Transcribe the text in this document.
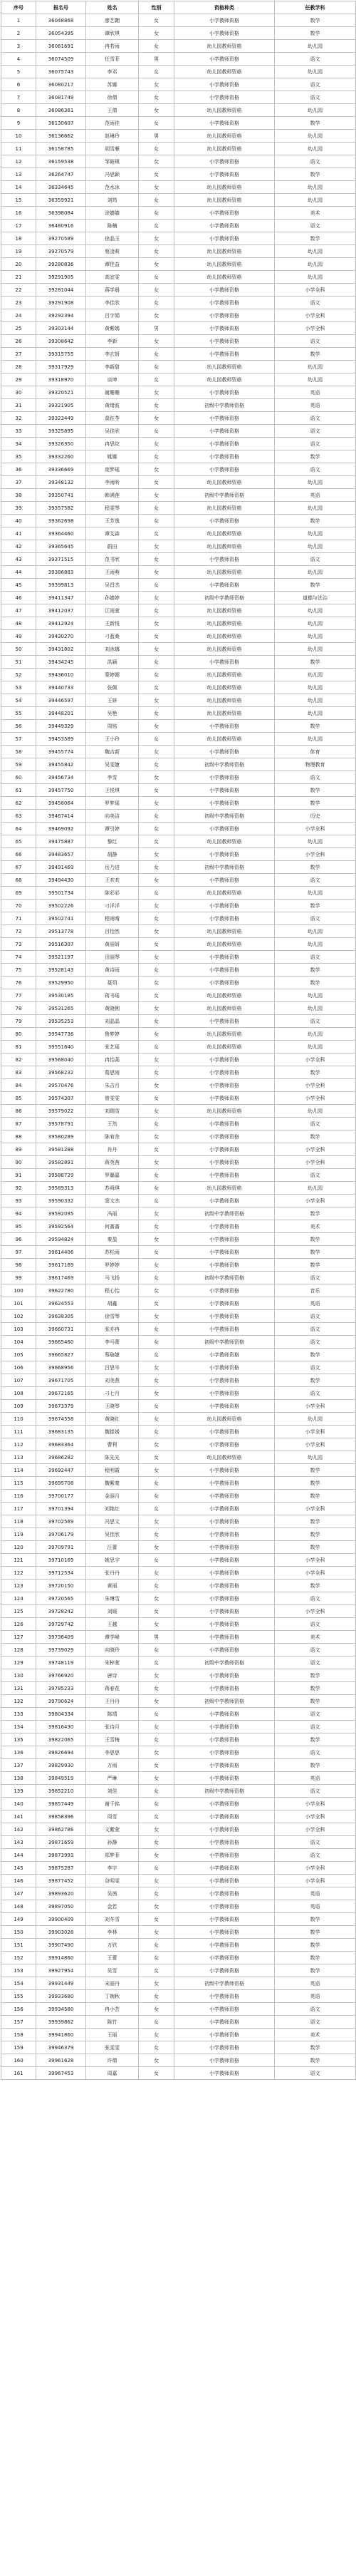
序号	报名号	姓名	性别	资格种类	任教学科
1	36048868	廖艺翾	女	小学教师资格	数学
2	36054395	谭欣琪	女	小学教师资格	数学
3	36061691	冉若雨	女	幼儿园教师资格	幼儿园
4	36074509	任雪菲	男	小学教师资格	语文
5	36075743	李邓	女	幼儿园教师资格	幼儿园
6	36080217	苏娜	女	小学教师资格	语文
7	36081749	徐倩	女	小学教师资格	语文
8	36086361	王倩	女	幼儿园教师资格	幼儿园
9	36130607	范雨佳	女	小学教师资格	数学
10	36136662	赵琳玲	男	幼儿园教师资格	幼儿园
11	36158785	胡雪雁	女	幼儿园教师资格	幼儿园
12	36159538	邹筱瑛	女	小学教师资格	语文
13	36264747	冯思颖	女	小学教师资格	数学
14	36334645	范水冰	女	幼儿园教师资格	幼儿园
15	36359921	刘筠	女	幼儿园教师资格	幼儿园
16	36398084	涂嫱嫱	女	小学教师资格	美术
17	36480916	陈楠	女	小学教师资格	语文
18	39270589	徐晶玉	女	小学教师资格	数学
19	39270579	蔡凌莉	女	幼儿园教师资格	幼儿园
20	39280836	谭佳益	女	幼儿园教师资格	幼儿园
21	39291905	高宜雯	女	幼儿园教师资格	幼儿园
22	39281044	蒋学晨	女	小学教师资格	小学全科
23	39291908	李佳欣	女	小学教师资格	语文
24	39292394	吕宇娟	女	小学教师资格	小学全科
25	39303144	黄紫嫣	男	小学教师资格	小学全科
26	39308642	李新	女	小学教师资格	语文
27	39315755	李玄妍	女	小学教师资格	数学
28	39317929	李新甜	女	幼儿园教师资格	幼儿园
29	39318970	谈坤	女	幼儿园教师资格	幼儿园
30	39320521	谢珊珊	女	小学教师资格	英语
31	39321905	黄绪波	女	初级中学教师资格	英语
32	39323449	莫钰苓	女	小学教师资格	语文
33	39325895	吴佳欣	女	小学教师资格	语文
34	39326350	冉思纹	女	小学教师资格	语文
35	39332260	姚娜	女	小学教师资格	数学
36	39336669	庞梦瑶	女	小学教师资格	语文
37	39348132	李雨昕	女	幼儿园教师资格	幼儿园
38	39350741	韩满莲	女	初级中学教师资格	英语
39	39357582	程雯琴	女	幼儿园教师资格	幼儿园
40	39362698	王芳逸	女	小学教师资格	数学
41	39364460	谭艾森	女	幼儿园教师资格	幼儿园
42	39365645	蔚田	女	幼儿园教师资格	幼儿园
43	39371515	范书欣	女	小学教师资格	语文
44	39386883	王雨萌	女	幼儿园教师资格	幼儿园
45	39399813	吴昌杰	女	小学教师资格	数学
46	39411347	孙嫱婷	女	初级中学教师资格	道德与法治
47	39412037	江雨萱	女	幼儿园教师资格	幼儿园
48	39412924	王新悦	女	幼儿园教师资格	幼儿园
49	39430270	刁蓝桑	女	幼儿园教师资格	幼儿园
50	39431802	刘冰娜	女	幼儿园教师资格	幼儿园
51	39434245	洪颖	女	小学教师资格	数学
52	39436010	蒙婷媚	女	幼儿园教师资格	幼儿园
53	39440733	张佩	女	幼儿园教师资格	幼儿园
54	39446597	王妍	女	幼儿园教师资格	幼儿园
55	39448201	吴艳	女	幼儿园教师资格	幼儿园
56	39449329	周铭	女	小学教师资格	数学
57	39453589	王小玲	女	幼儿园教师资格	幼儿园
58	39455774	魏吉新	女	小学教师资格	体育
59	39455842	吴雯婕	女	初级中学教师资格	物理教育
60	39456734	李雪	女	小学教师资格	语文
61	39457750	王悦琪	女	小学教师资格	数学
62	39458064	罗梦瑶	女	小学教师资格	数学
63	39467414	向美洁	女	初级中学教师资格	历史
64	39469092	谭引婷	女	小学教师资格	小学全科
65	39475887	黎红	女	幼儿园教师资格	幼儿园
66	39483657	胡静	女	小学教师资格	小学全科
67	39491469	岳乃进	女	初级中学教师资格	数学
68	39494430	王欢欢	女	小学教师资格	语文
69	39501734	陈彩彩	女	幼儿园教师资格	幼儿园
70	39502226	刁洋洋	女	小学教师资格	数学
71	39502741	程雨晴	女	小学教师资格	语文
72	39513778	吕怡然	女	幼儿园教师资格	幼儿园
73	39516307	黄丽妍	女	幼儿园教师资格	幼儿园
74	39521197	田丽琴	女	小学教师资格	语文
75	39528143	黄诗雨	女	小学教师资格	数学
76	39529950	聂玥	女	小学教师资格	数学
77	39530185	蒋书瑶	女	幼儿园教师资格	幼儿园
78	39531265	黄晓俐	女	幼儿园教师资格	幼儿园
79	39535253	刘晶晶	女	小学教师资格	语文
80	39547736	鲁梦婷	女	幼儿园教师资格	幼儿园
81	39551640	张艺瑶	女	幼儿园教师资格	幼儿园
82	39568040	冉怡菡	女	小学教师资格	小学全科
83	39568232	葛思雨	女	小学教师资格	数学
84	39570476	朱吉月	女	小学教师资格	小学全科
85	39574307	曾雯雯	女	小学教师资格	小学全科
86	39579022	刘瑞雪	女	幼儿园教师资格	幼儿园
87	39578791	王然	女	小学教师资格	语文
88	39580289	陈宥余	女	小学教师资格	数学
89	39581288	肖丹	女	小学教师资格	小学全科
90	39582891	蒋英茜	女	小学教师资格	小学全科
91	39588729	罗璐嘉	女	小学教师资格	语文
92	39589313	苏舜琪	女	幼儿园教师资格	幼儿园
93	39590332	窦文杰	女	小学教师资格	小学全科
94	39592095	冯丽	女	初级中学教师资格	数学
95	39592564	何蔷蔷	女	小学教师资格	美术
96	39594824	秦盈	女	小学教师资格	数学
97	39614406	苏松雨	女	小学教师资格	数学
98	39617169	罗婷婷	女	小学教师资格	数学
99	39617469	马飞扬	女	初级中学教师资格	语文
100	39622780	程心怡	女	小学教师资格	音乐
101	39624553	胡鑫	女	小学教师资格	英语
102	39638305	徐雪琴	女	小学教师资格	语文
103	39660731	张亦冉	女	小学教师资格	语文
104	39665460	李马蕾	女	初级中学教师资格	语文
105	39665827	蔡瑜婕	女	小学教师资格	数学
106	39668956	吕思岑	女	小学教师资格	语文
107	39671705	刘美燕	女	小学教师资格	数学
108	39672165	刁七月	女	小学教师资格	语文
109	39673379	王晓琴	女	小学教师资格	小学全科
110	39674558	黄晓红	女	幼儿园教师资格	幼儿园
111	39683135	魏崔媛	女	小学教师资格	小学全科
112	39683364	曹利	女	小学教师资格	小学全科
113	39686282	陈先先	女	幼儿园教师资格	幼儿园
114	39692447	程明霞	女	小学教师资格	数学
115	39695708	魏紫豪	女	小学教师资格	数学
116	39700177	金丽月	女	小学教师资格	数学
117	39701394	刘艳红	女	小学教师资格	小学全科
118	39702569	冯思文	女	小学教师资格	数学
119	39706179	吴佳欣	女	小学教师资格	数学
120	39709791	汪蕾	女	小学教师资格	数学
121	39710169	姚思宇	女	小学教师资格	小学全科
122	39712534	张丹丹	女	小学教师资格	小学全科
123	39720150	黄丽	女	小学教师资格	数学
124	39720565	朱琳雪	女	小学教师资格	语文
125	39728242	刘媛	女	小学教师资格	小学全科
126	39729742	王越	女	小学教师资格	语文
127	39736409	谭学峰	男	小学教师资格	美术
128	39739029	向晓玲	女	小学教师资格	语文
129	39748119	朱梓萱	女	初级中学教师资格	语文
130	39766920	唐诗	女	小学教师资格	数学
131	39785233	蒋春花	女	小学教师资格	数学
132	39790624	王丹丹	女	初级中学教师资格	数学
133	39804334	陈靖	女	小学教师资格	语文
134	39816430	张诗月	女	小学教师资格	语文
135	39822065	王雪梅	女	小学教师资格	数学
136	39826694	李思思	女	小学教师资格	语文
137	39829930	万雨	女	小学教师资格	数学
138	39849519	严琳	女	小学教师资格	英语
139	39852210	刘佳	女	初级中学教师资格	语文
140	39857449	谢千铭	女	小学教师资格	小学全科
141	39858396	周雪	女	小学教师资格	小学全科
142	39862786	文紫萱	女	小学教师资格	小学全科
143	39871659	孙静	女	小学教师资格	语文
144	39873993	郑梦菲	女	小学教师资格	语文
145	39875287	李宇	女	小学教师资格	小学全科
146	39877452	谷明雯	女	小学教师资格	小学全科
147	39893620	吴茜	女	小学教师资格	英语
148	39897050	金若	女	小学教师资格	英语
149	39900409	刘冬雪	女	小学教师资格	数学
150	39903028	李林	女	小学教师资格	数学
151	39907490	万欣	女	小学教师资格	数学
152	39914860	王蕾	女	小学教师资格	数学
153	39927954	吴雪	女	小学教师资格	数学
154	39931449	宋丽丹	女	初级中学教师资格	英语
155	39933680	丁婉秋	女	小学教师资格	英语
156	39934580	冉小芸	女	小学教师资格	语文
157	39939862	陈竹	女	小学教师资格	语文
158	39941860	王丽	女	小学教师资格	美术
159	39946379	张雯雯	女	小学教师资格	数学
160	39961628	许倩	女	小学教师资格	数学
161	39967453	周嘉	女	小学教师资格	语文
